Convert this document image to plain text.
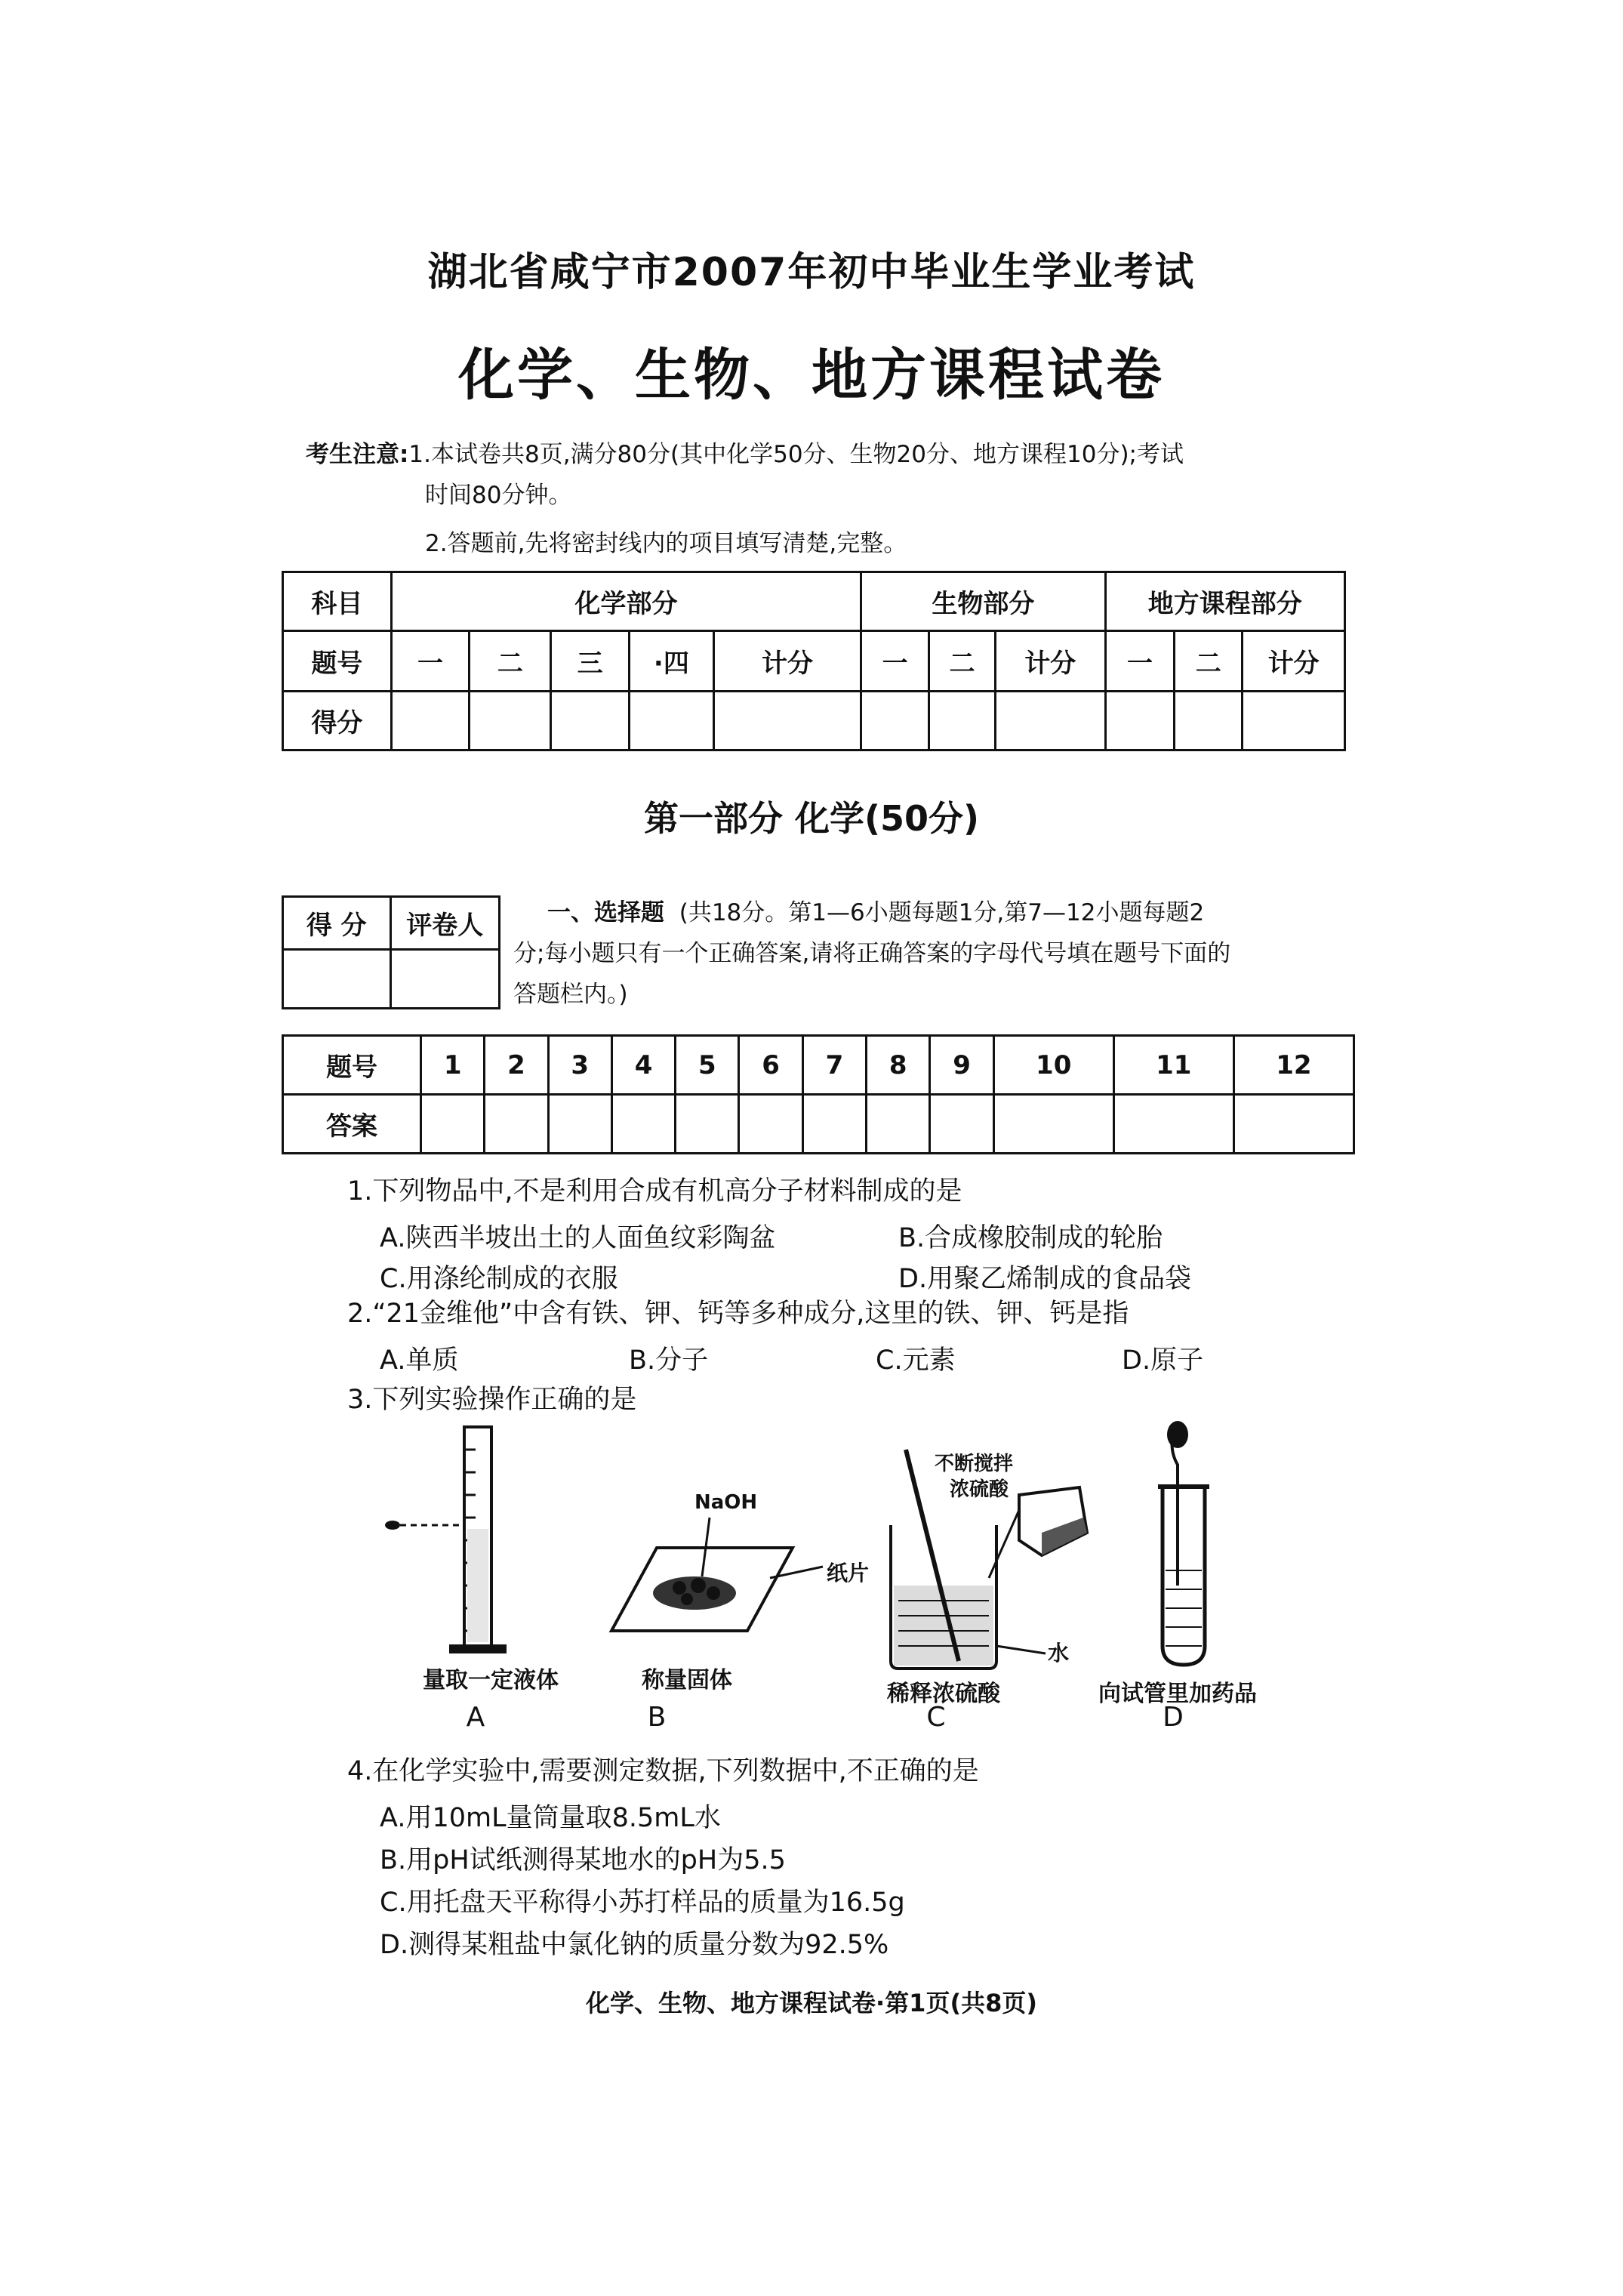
湖北省咸宁市2007年初中毕业生学业考试
化学、生物、地方课程试卷
考生注意:1.本试卷共8页,满分80分(其中化学50分、生物20分、地方课程10分);考试
时间80分钟。
2.答题前,先将密封线内的项目填写清楚,完整。
科目	化学部分					生物部分			地方课程部分		
题号	一	二	三	·四	计分	一	二	计分	一	二	计分
得分											
第一部分 化学(50分)
得 分	评卷人
		一、选择题 (共18分。第1—6小题每题1分,第7—12小题每题2
分;每小题只有一个正确答案,请将正确答案的字母代号填在题号下面的
答题栏内。)
题号	1	2	3	4	5	6	7	8	9	10	11	12
答案												
1.下列物品中,不是利用合成有机高分子材料制成的是
A.陕西半坡出土的人面鱼纹彩陶盆	B.合成橡胶制成的轮胎
C.用涤纶制成的衣服	D.用聚乙烯制成的食品袋
2.“21金维他”中含有铁、钾、钙等多种成分,这里的铁、钾、钙是指
A.单质	B.分子	C.元素	D.原子
3.下列实验操作正确的是
NaOH
纸片
不断搅拌
浓硫酸
水
量取一定液体	称量固体
稀释浓硫酸	向试管里加药品
A	B	C	D
4.在化学实验中,需要测定数据,下列数据中,不正确的是
A.用10mL量筒量取8.5mL水
B.用pH试纸测得某地水的pH为5.5
C.用托盘天平称得小苏打样品的质量为16.5g
D.测得某粗盐中氯化钠的质量分数为92.5%
化学、生物、地方课程试卷·第1页(共8页)
